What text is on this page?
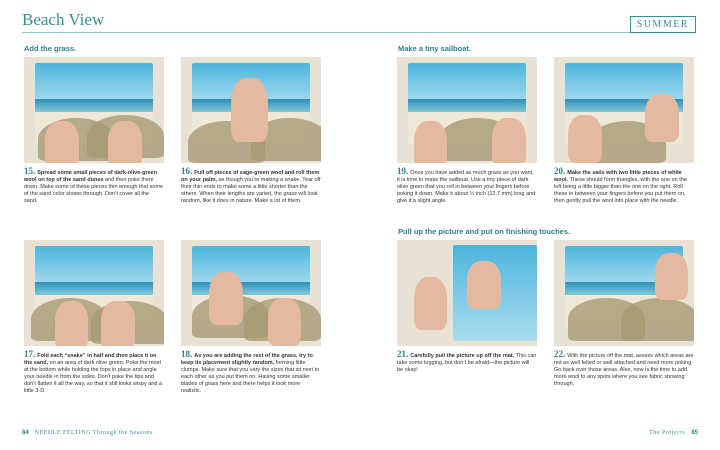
Beach View	SUMMER
Add the grass.	Make a tiny sailboat.
Pull up the picture and put on finishing touches.
15. Spread some small pieces of dark-olive-green wool on top of the sand dunes and then poke them down. Make some of these pieces thin enough that some of the sand color shows through. Don’t cover all the sand.
16. Pull off pieces of sage-green wool and roll them on your palm, as though you’re making a snake. Tear off their thin ends to make some a little shorter than the others. When their lengths are varied, the grass will look random, like it does in nature. Make a lot of them.
17. Fold each “snake” in half and then place it on the sand, on an area of dark olive green. Poke the most at the bottom while holding the tops in place and angle your needle in from the sides. Don’t poke the tips and don’t flatten it all the way, so that it still looks wispy and a little 3-D.
18. As you are adding the rest of the grass, try to keep its placement slightly random, forming little clumps. Make sure that you vary the sizes that sit next to each other as you put them on. Having some smaller blades of grass here and there helps it look more realistic.
19. Once you have added as much grass as you want, it is time to make the sailboat. Use a tiny piece of dark olive green that you roll in between your fingers before poking it down. Make it about ½ inch (12.7 mm) long and give it a slight angle.
20. Make the sails with two little pieces of white wool. These should form triangles, with the one on the left being a little bigger than the one on the right. Roll these in between your fingers before you put them on, then gently pull the wool into place with the needle.
21. Carefully pull the picture up off the mat. This can take some tugging, but don’t be afraid—the picture will be okay!
22. With the picture off the mat, assess which areas are not as well felted or well attached and need more poking. Go back over those areas. Also, now is the time to add more wool to any spots where you see fabric showing through.
84 NEEDLE FELTING Through the Seasons	The Projects 85
